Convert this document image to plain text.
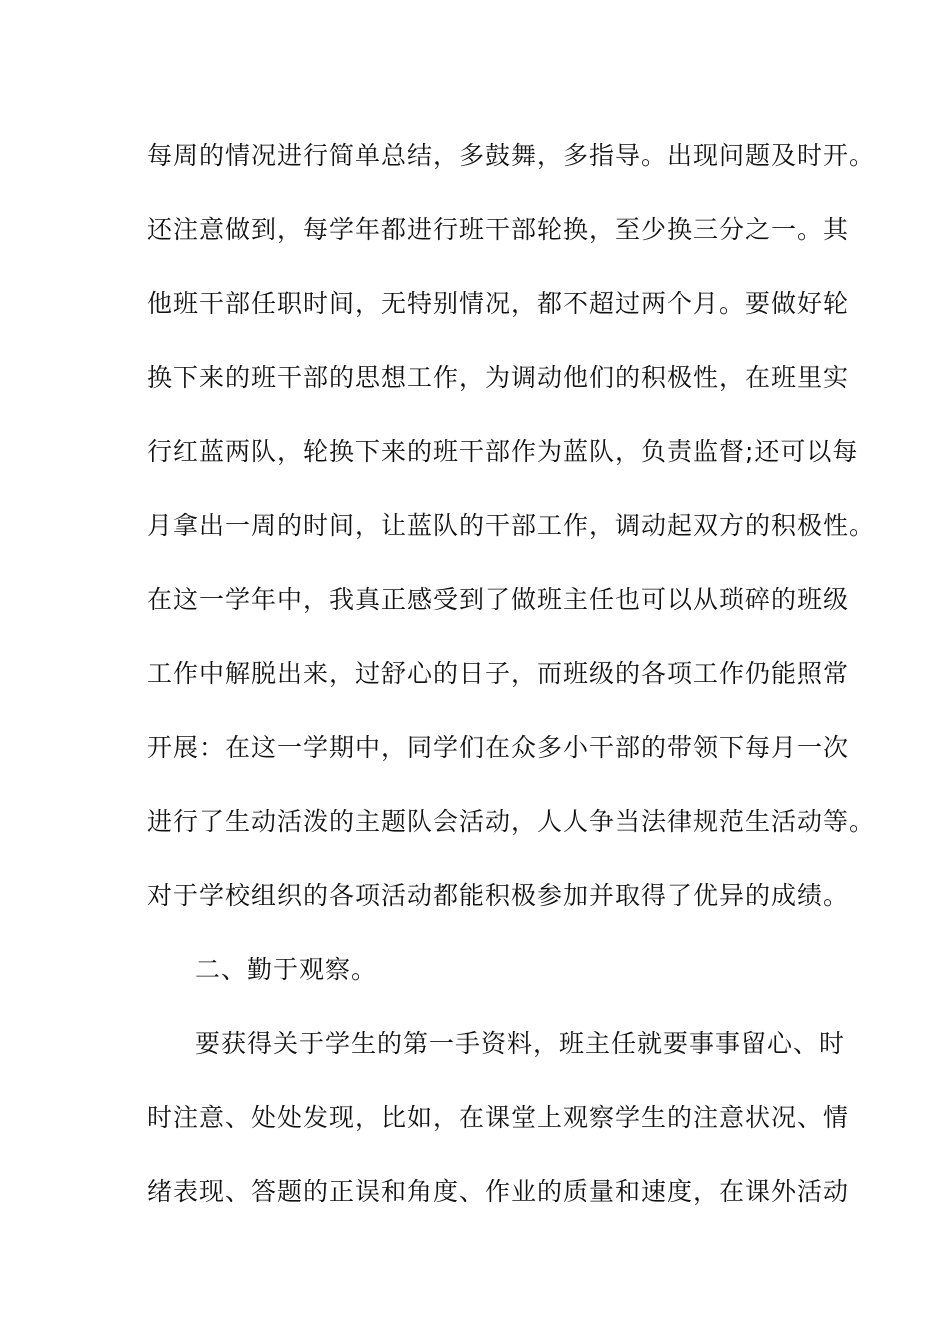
每周的情况进行简单总结，多鼓舞，多指导。出现问题及时开。
还注意做到，每学年都进行班干部轮换，至少换三分之一。其
他班干部任职时间，无特别情况，都不超过两个月。要做好轮
换下来的班干部的思想工作，为调动他们的积极性，在班里实
行红蓝两队，轮换下来的班干部作为蓝队，负责监督;还可以每
月拿出一周的时间，让蓝队的干部工作，调动起双方的积极性。
在这一学年中，我真正感受到了做班主任也可以从琐碎的班级
工作中解脱出来，过舒心的日子，而班级的各项工作仍能照常
开展：在这一学期中，同学们在众多小干部的带领下每月一次
进行了生动活泼的主题队会活动，人人争当法律规范生活动等。
对于学校组织的各项活动都能积极参加并取得了优异的成绩。
二、勤于观察。
要获得关于学生的第一手资料，班主任就要事事留心、时
时注意、处处发现，比如，在课堂上观察学生的注意状况、情
绪表现、答题的正误和角度、作业的质量和速度，在课外活动
